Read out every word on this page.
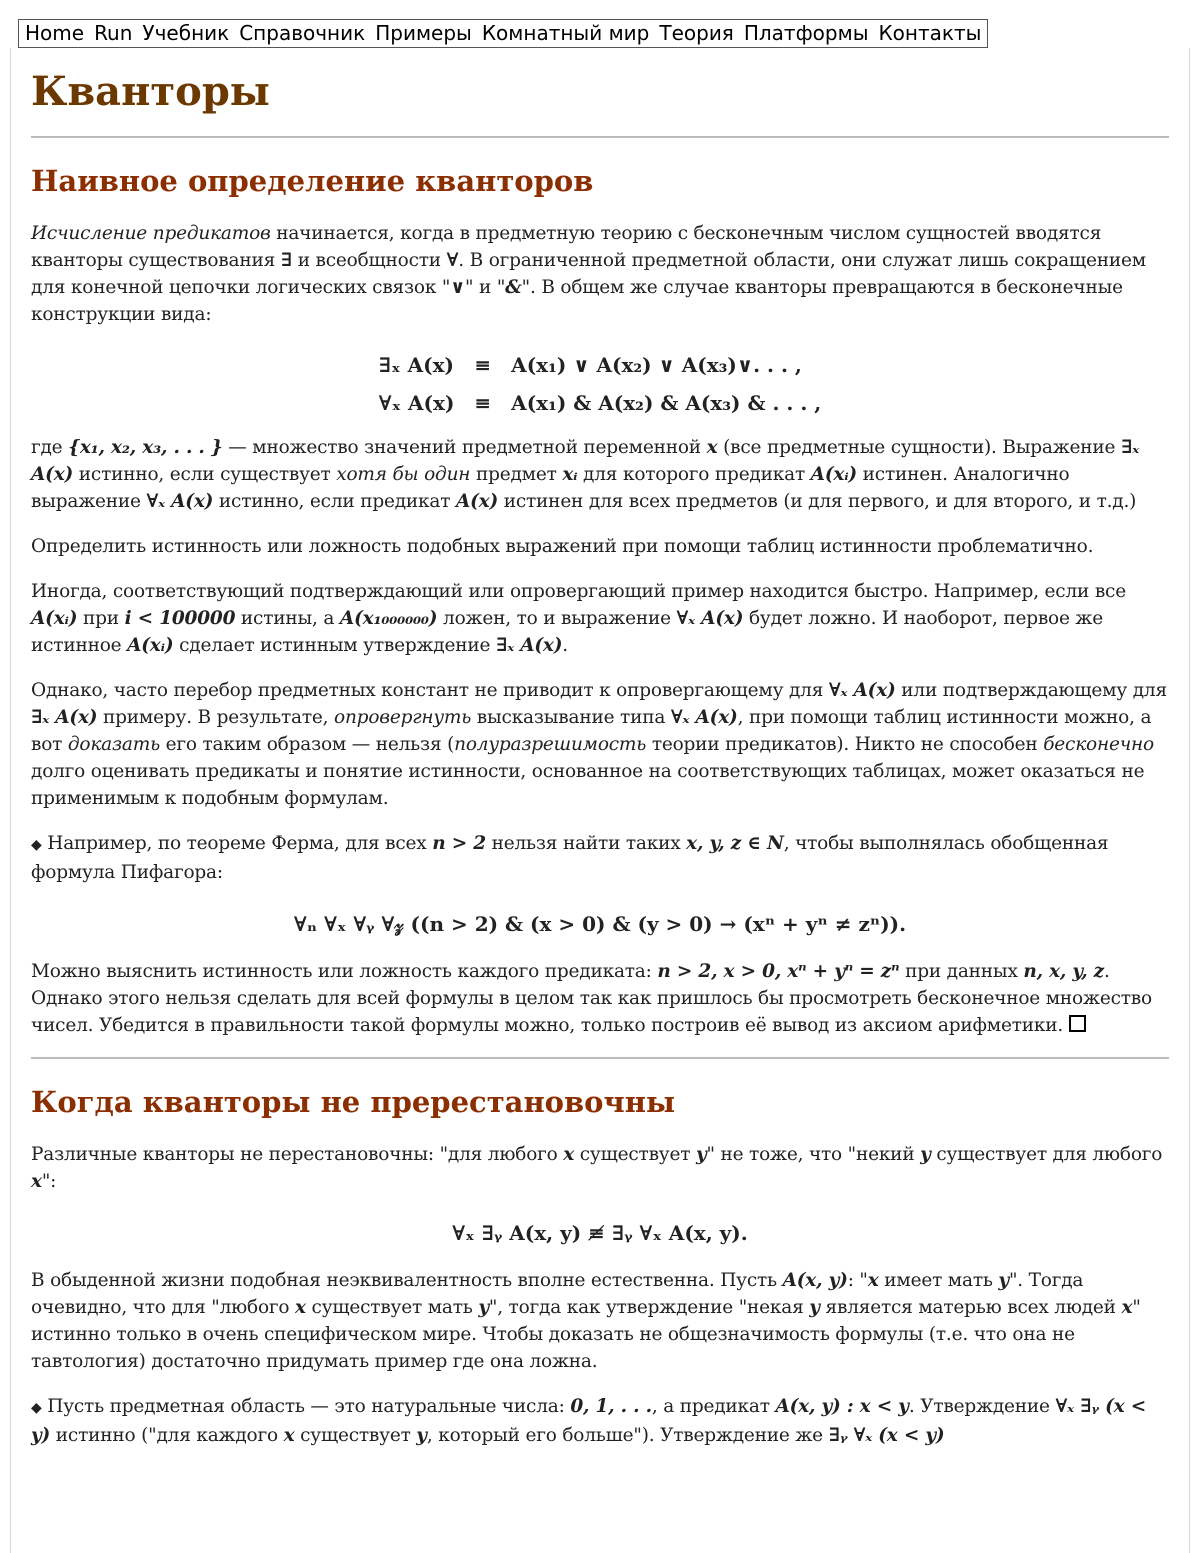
Home Run Учебник Справочник Примеры Комнатный мир Теория Платформы Контакты
Кванторы
Наивное определение кванторов

Исчисление предикатов начинается, когда в предметную теорию с бесконечным числом сущностей вводятся кванторы существования ∃ и всеобщности ∀. В ограниченной предметной области, они служат лишь сокращением для конечной цепочки логических связок "∨" и "&". В общем же случае кванторы превращаются в бесконечные конструкции вида:

∃ₓ A(x)	≡	A(x₁) ∨ A(x₂) ∨ A(x₃)∨. . . ,
∀ₓ A(x)	≡	A(x₁) & A(x₂) & A(x₃) & . . . ,

где {x₁, x₂, x₃, . . . } — множество значений предметной переменной x (все предметные сущности). Выражение ∃ₓ A(x) истинно, если существует хотя бы один предмет xᵢ для которого предикат A(xᵢ) истинен. Аналогично выражение ∀ₓ A(x) истинно, если предикат A(x) истинен для всех предметов (и для первого, и для второго, и т.д.)

Определить истинность или ложность подобных выражений при помощи таблиц истинности проблематично.

Иногда, соответствующий подтверждающий или опровергающий пример находится быстро. Например, если все A(xᵢ) при i < 100000 истины, а A(x₁₀₀₀₀₀₀) ложен, то и выражение ∀ₓ A(x) будет ложно. И наоборот, первое же истинное A(xᵢ) сделает истинным утверждение ∃ₓ A(x).

Однако, часто перебор предметных констант не приводит к опровергающему для ∀ₓ A(x) или подтверждающему для ∃ₓ A(x) примеру. В результате, опровергнуть высказывание типа ∀ₓ A(x), при помощи таблиц истинности можно, а вот доказать его таким образом — нельзя (полуразрешимость теории предикатов). Никто не способен бесконечно долго оценивать предикаты и понятие истинности, основанное на соответствующих таблицах, может оказаться не применимым к подобным формулам.

◆ Например, по теореме Ферма, для всех n > 2 нельзя найти таких x, y, z ∈ N, чтобы выполнялась обобщенная формула Пифагора:

∀ₙ ∀ₓ ∀ᵧ ∀𝓏 ((n > 2) & (x > 0) & (y > 0) → (xⁿ + yⁿ ≠ zⁿ)).

Можно выяснить истинность или ложность каждого предиката: n > 2, x > 0, xⁿ + yⁿ = zⁿ при данных n, x, y, z. Однако этого нельзя сделать для всей формулы в целом так как пришлось бы просмотреть бесконечное множество чисел. Убедится в правильности такой формулы можно, только построив её вывод из аксиом арифметики.

Когда кванторы не пререстановочны

Различные кванторы не перестановочны: "для любого x существует y" не тоже, что "некий y существует для любого x":

∀ₓ ∃ᵧ A(x, y) ≢ ∃ᵧ ∀ₓ A(x, y).

В обыденной жизни подобная неэквивалентность вполне естественна. Пусть A(x, y): "x имеет мать y". Тогда очевидно, что для "любого x существует мать y", тогда как утверждение "некая y является матерью всех людей x" истинно только в очень специфическом мире. Чтобы доказать не общезначимость формулы (т.е. что она не тавтология) достаточно придумать пример где она ложна.

◆ Пусть предметная область — это натуральные числа: 0, 1, . . ., а предикат A(x, y) : x < y. Утверждение ∀ₓ ∃ᵧ (x < y) истинно ("для каждого x существует y, который его больше"). Утверждение же ∃ᵧ ∀ₓ (x < y)
